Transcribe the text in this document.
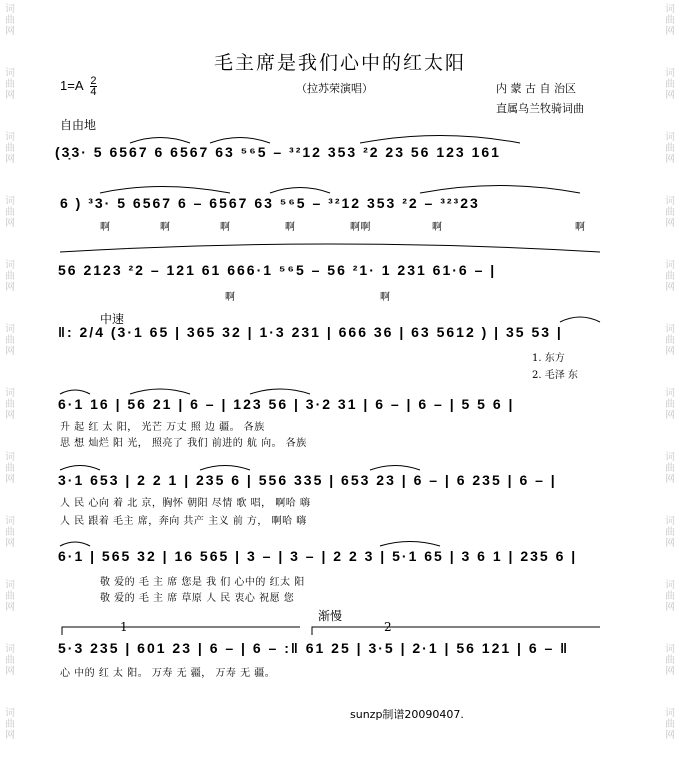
词
曲
网
词
曲
网
词
曲
网
词
曲
网
词
曲
网
词
曲
网
词
曲
网
词
曲
网
词
曲
网
词
曲
网
词
曲
网
词
曲
网
词
曲
网
词
曲
网
词
曲
网
词
曲
网
词
曲
网
词
曲
网
词
曲
网
词
曲
网
词
曲
网
词
曲
网
词
曲
网
词
曲
网
毛主席是我们心中的红太阳
（拉苏荣演唱）
$1=A \frac{2}{4}$	内 蒙 古 自 治区
直属乌兰牧骑词曲
自由地
中速
渐慢
(3̣3· 5 6567 6 6567 63 ⁵⁶5 – ³²12 353 ²2 23 56 123 161
6 ) ³3· 5 6567 6 – 6567 63 ⁵⁶5 – ³²12 353 ²2 – ³²³23
啊	啊	啊	啊	啊啊	啊	啊
56 2123 ²2 – 121 61 666·1 ⁵⁶5 – 56 ²1· 1 231 61·6 – |
啊	啊
‖: 2/4 (3·1 65 | 365 32 | 1·3 231 | 666 36 | 63 5612 ) | 35 53 |
1. 东方
2. 毛泽 东
6·1 16 | 56 21 | 6 – | 123 56 | 3·2 31 | 6 – | 6 – | 5 5 6 |
升 起 红 太 阳， 光芒 万丈 照 边 疆。 各族
思 想 灿烂 阳 光， 照亮了 我们 前进的 航 向。 各族
3·1 653 | 2 2 1 | 235 6 | 556 335 | 653 23 | 6 – | 6 235 | 6 – |
人 民 心向 着 北 京，胸怀 朝阳 尽情 歌 唱， 啊哈 嗨
人 民 跟着 毛主 席，奔向 共产 主义 前 方， 啊哈 嗨
6·1 | 565 32 | 16 565 | 3 – | 3 – | 2 2 3 | 5·1 65 | 3 6 1 | 235 6 |
敬 爱的 毛 主 席 您是 我 们 心中的 红太 阳
敬 爱的 毛 主 席 草原 人 民 衷心 祝愿 您
5·3 235 | 601 23 | 6 – | 6 – :‖ 61 25 | 3·5 | 2·1 | 56 121 | 6 – ‖
心 中的 红 太 阳。 万寿 无 疆， 万寿 无 疆。
1	2
sunzp制谱20090407.
